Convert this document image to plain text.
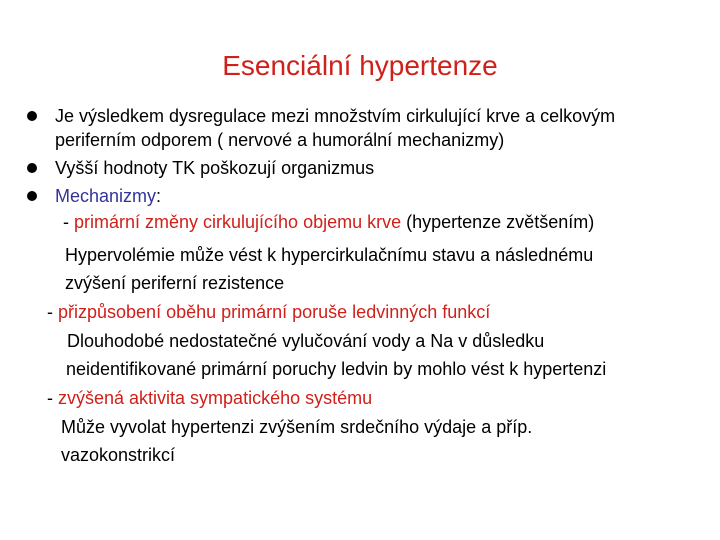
Esenciální hypertenze
Je výsledkem dysregulace mezi množstvím cirkulující krve a celkovým
periferním odporem ( nervové a humorální mechanizmy)
Vyšší hodnoty TK poškozují organizmus
Mechanizmy:
- primární změny cirkulujícího objemu krve (hypertenze zvětšením)
Hypervolémie může vést k hypercirkulačnímu stavu a následnému
zvýšení periferní rezistence
- přizpůsobení oběhu primární poruše ledvinných funkcí
Dlouhodobé nedostatečné vylučování vody a Na v důsledku
neidentifikované primární poruchy ledvin by mohlo vést k hypertenzi
- zvýšená aktivita sympatického systému
Může vyvolat hypertenzi zvýšením srdečního výdaje a příp.
vazokonstrikcí
